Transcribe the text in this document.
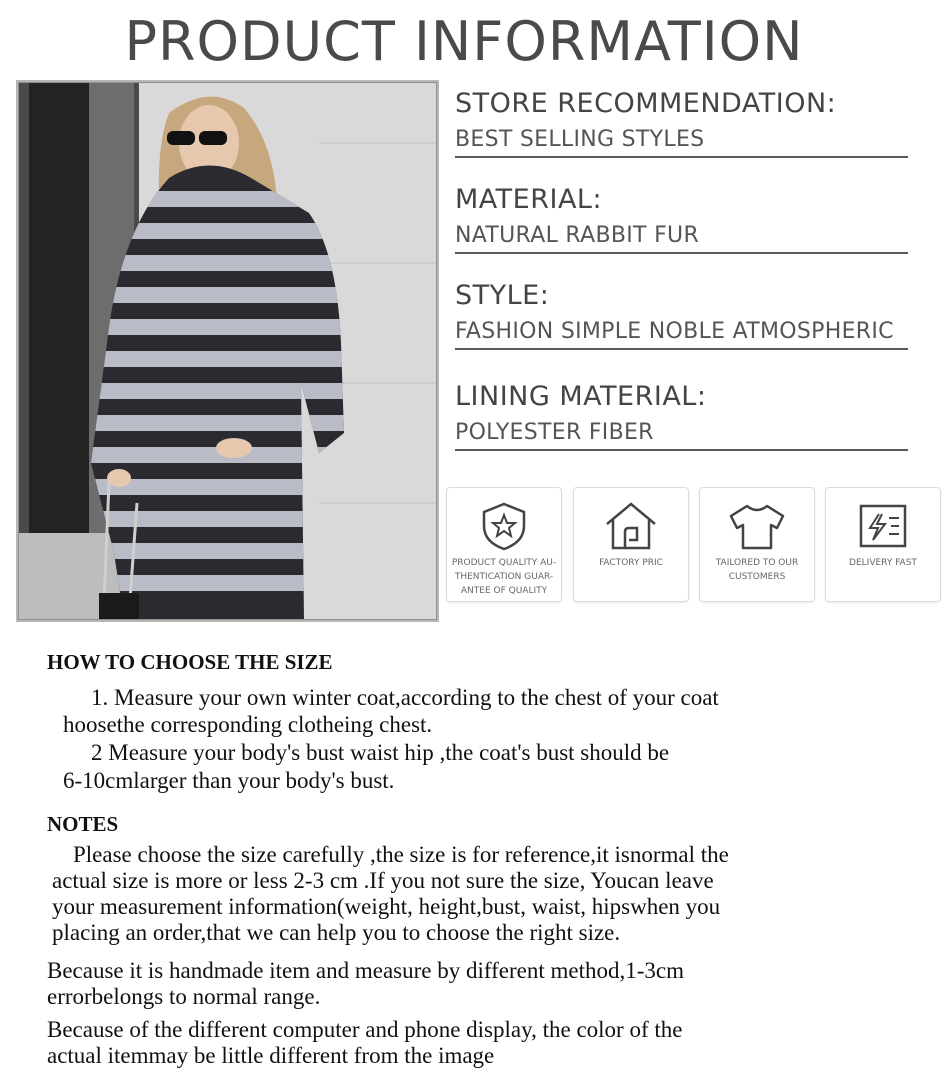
PRODUCT INFORMATION
STORE RECOMMENDATION:
BEST SELLING STYLES
MATERIAL:
NATURAL RABBIT FUR
STYLE:
FASHION SIMPLE NOBLE ATMOSPHERIC
LINING MATERIAL:
POLYESTER FIBER
PRODUCT QUALITY AU-
THENTICATION GUAR-
ANTEE OF QUALITY
FACTORY PRIC	TAILORED TO OUR
CUSTOMERS
DELIVERY FAST
HOW TO CHOOSE THE SIZE
1. Measure your own winter coat,according to the chest of your coat
hoosethe corresponding clotheing chest.
2 Measure your body's bust waist hip ,the coat's bust should be
6-10cmlarger than your body's bust.
NOTES
Please choose the size carefully ,the size is for reference,it isnormal the
actual size is more or less 2-3 cm .If you not sure the size, Youcan leave
your measurement information(weight, height,bust, waist, hipswhen you
placing an order,that we can help you to choose the right size.
Because it is handmade item and measure by different method,1-3cm
errorbelongs to normal range.
Because of the different computer and phone display, the color of the
actual itemmay be little different from the image
